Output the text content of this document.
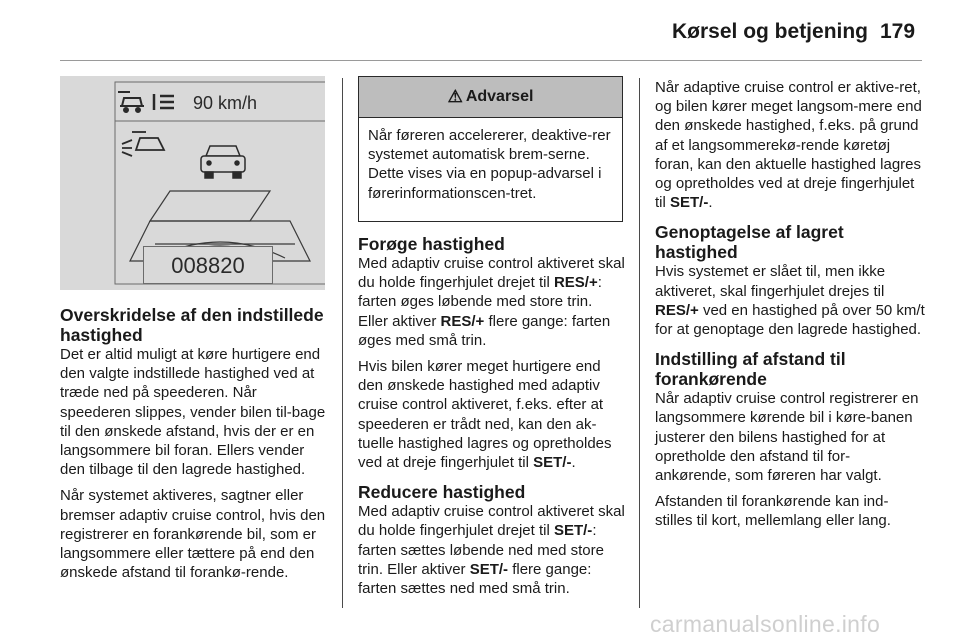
Kørsel og betjening 179
90 km/h
008820
Overskridelse af den indstillede hastighed

Det er altid muligt at køre hurtigere end den valgte indstillede hastighed ved at træde ned på speederen. Når speederen slippes, vender bilen til-bage til den ønskede afstand, hvis der er en langsommere bil foran. Ellers vender den tilbage til den lagrede hastighed.

Når systemet aktiveres, sagtner eller bremser adaptiv cruise control, hvis den registrerer en forankørende bil, som er langsommere eller tættere på end den ønskede afstand til forankø-rende.

⚠ Advarsel
Når føreren accelererer, deaktive-rer systemet automatisk brem-serne. Dette vises via en popup-advarsel i førerinformationscen-tret.
Forøge hastighed

Med adaptiv cruise control aktiveret skal du holde fingerhjulet drejet til RES/+: farten øges løbende med store trin. Eller aktiver RES/+ flere gange: farten øges med små trin.

Hvis bilen kører meget hurtigere end den ønskede hastighed med adaptiv cruise control aktiveret, f.eks. efter at speederen er trådt ned, kan den ak-tuelle hastighed lagres og opretholdes ved at dreje fingerhjulet til SET/-.

Reducere hastighed

Med adaptiv cruise control aktiveret skal du holde fingerhjulet drejet til SET/-: farten sættes løbende ned med store trin. Eller aktiver SET/- flere gange: farten sættes ned med små trin.

Når adaptive cruise control er aktive-ret, og bilen kører meget langsom-mere end den ønskede hastighed, f.eks. på grund af et langsommerekø-rende køretøj foran, kan den aktuelle hastighed lagres og opretholdes ved at dreje fingerhjulet til SET/-.

Genoptagelse af lagret hastighed

Hvis systemet er slået til, men ikke aktiveret, skal fingerhjulet drejes til RES/+ ved en hastighed på over 50 km/t for at genoptage den lagrede hastighed.

Indstilling af afstand til forankørende

Når adaptiv cruise control registrerer en langsommere kørende bil i køre-banen justerer den bilens hastighed for at opretholde den afstand til for-ankørende, som føreren har valgt.

Afstanden til forankørende kan ind-stilles til kort, mellemlang eller lang.

carmanualsonline.info
